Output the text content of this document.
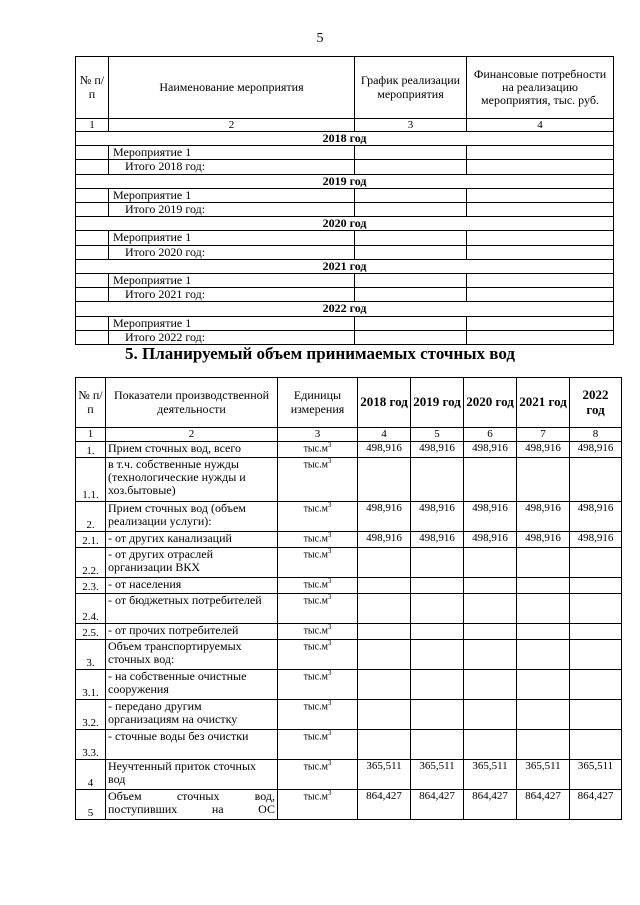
5
№ п/п	Наименование мероприятия	График реализации мероприятия	Финансовые потребности на реализацию мероприятия, тыс. руб.
1	2	3	4
2018 год			
	Мероприятие 1		
	Итого 2018 год:		
2019 год			
	Мероприятие 1		
	Итого 2019 год:		
2020 год			
	Мероприятие 1		
	Итого 2020 год:		
2021 год			
	Мероприятие 1		
	Итого 2021 год:		
2022 год			
	Мероприятие 1		
	Итого 2022 год:		
5. Планируемый объем принимаемых сточных вод
№ п/п	Показатели производственной деятельности	Единицы измерения	2018 год	2019 год	2020 год	2021 год	2022 год
1	2	3	4	5	6	7	8
1.	Прием сточных вод, всего	$тыс.м^3$	498,916	498,916	498,916	498,916	498,916
1.1.	в т.ч. собственные нужды (технологические нужды и хоз.бытовые)	$тыс.м^3$					
2.	Прием сточных вод (объем реализации услуги):	$тыс.м^3$	498,916	498,916	498,916	498,916	498,916
2.1.	- от других канализаций	$тыс.м^3$	498,916	498,916	498,916	498,916	498,916
2.2.	- от других отраслей организации ВКХ	$тыс.м^3$					
2.3.	- от населения	$тыс.м^3$					
2.4.	- от бюджетных потребителей	$тыс.м^3$					
2.5.	- от прочих потребителей	$тыс.м^3$					
3.	Объем транспортируемых сточных вод:	$тыс.м^3$					
3.1.	- на собственные очистные сооружения	$тыс.м^3$					
3.2.	- передано другим организациям на очистку	$тыс.м^3$					
3.3.	- сточные воды без очистки	$тыс.м^3$					
4	Неучтенный приток сточных вод	$тыс.м^3$	365,511	365,511	365,511	365,511	365,511
5	Объем сточных вод, поступивших на ОС	$тыс.м^3$	864,427	864,427	864,427	864,427	864,427
